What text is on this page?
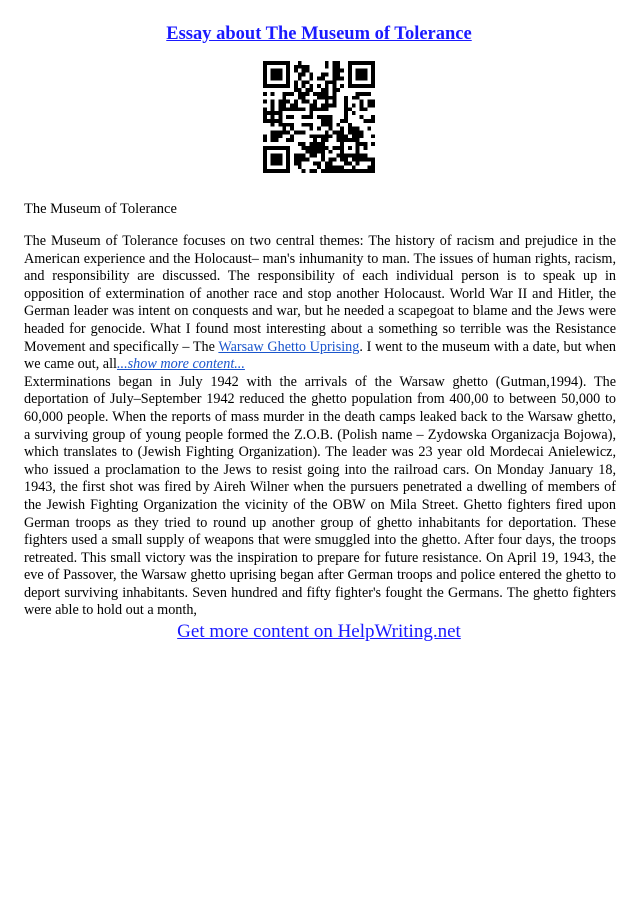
Essay about The Museum of Tolerance
The Museum of Tolerance

The Museum of Tolerance focuses on two central themes: The history of racism and prejudice in the American experience and the Holocaust– man's inhumanity to man. The issues of human rights, racism, and responsibility are discussed. The responsibility of each individual person is to speak up in opposition of extermination of another race and stop another Holocaust. World War II and Hitler, the German leader was intent on conquests and war, but he needed a scapegoat to blame and the Jews were headed for genocide. What I found most interesting about a something so terrible was the Resistance Movement and specifically – The Warsaw Ghetto Uprising. I went to the museum with a date, but when we came out, all...show more content...

Exterminations began in July 1942 with the arrivals of the Warsaw ghetto (Gutman,1994). The deportation of July–September 1942 reduced the ghetto population from 400,00 to between 50,000 to 60,000 people. When the reports of mass murder in the death camps leaked back to the Warsaw ghetto, a surviving group of young people formed the Z.O.B. (Polish name – Zydowska Organizacja Bojowa), which translates to (Jewish Fighting Organization). The leader was 23 year old Mordecai Anielewicz, who issued a proclamation to the Jews to resist going into the railroad cars. On Monday January 18, 1943, the first shot was fired by Aireh Wilner when the pursuers penetrated a dwelling of members of the Jewish Fighting Organization the vicinity of the OBW on Mila Street. Ghetto fighters fired upon German troops as they tried to round up another group of ghetto inhabitants for deportation. These fighters used a small supply of weapons that were smuggled into the ghetto. After four days, the troops retreated. This small victory was the inspiration to prepare for future resistance. On April 19, 1943, the eve of Passover, the Warsaw ghetto uprising began after German troops and police entered the ghetto to deport surviving inhabitants. Seven hundred and fifty fighter's fought the Germans. The ghetto fighters were able to hold out a month,

Get more content on HelpWriting.net
